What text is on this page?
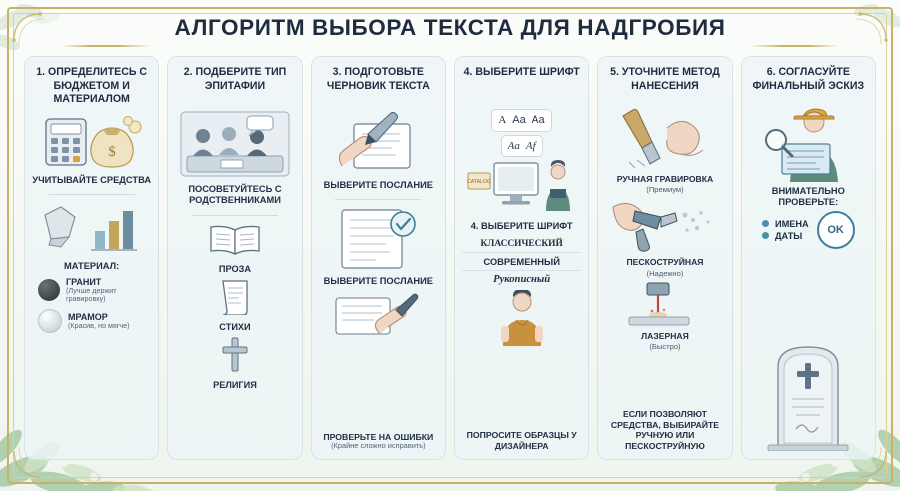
АЛГОРИТМ ВЫБОРА ТЕКСТА ДЛЯ НАДГРОБИЯ
1. ОПРЕДЕЛИТЕСЬ С БЮДЖЕТОМ И МАТЕРИАЛОМ
$
УЧИТЫВАЙТЕ СРЕДСТВА
МАТЕРИАЛ:
ГРАНИТ
(Лучше держит гравировку)
МРАМОР
(Красив, но мягче)
2. ПОДБЕРИТЕ ТИП ЭПИТАФИИ
ПОСОВЕТУЙТЕСЬ С РОДСТВЕННИКАМИ
ПРОЗА
СТИХИ
РЕЛИГИЯ
3. ПОДГОТОВЬТЕ ЧЕРНОВИК ТЕКСТА
ВЫВЕРИТЕ ПОСЛАНИЕ
ВЫВЕРИТЕ ПОСЛАНИЕ
ПРОВЕРЬТЕ НА ОШИБКИ
(Крайне сложно исправить)
4. ВЫБЕРИТЕ ШРИФТ
A Aa Aa
Aa Af
CATALOG
4. ВЫБЕРИТЕ ШРИФТ
КЛАССИЧЕСКИЙ
СОВРЕМЕННЫЙ
Рукописный
ПОПРОСИТЕ ОБРАЗЦЫ У ДИЗАЙНЕРА
5. УТОЧНИТЕ МЕТОД НАНЕСЕНИЯ
РУЧНАЯ ГРАВИРОВКА
(Премиум)
ПЕСКОСТРУЙНАЯ
(Надежно)
ЛАЗЕРНАЯ
(Быстро)
ЕСЛИ ПОЗВОЛЯЮТ СРЕДСТВА, ВЫБИРАЙТЕ РУЧНУЮ ИЛИ ПЕСКОСТРУЙНУЮ
6. СОГЛАСУЙТЕ ФИНАЛЬНЫЙ ЭСКИЗ
ВНИМАТЕЛЬНО ПРОВЕРЬТЕ:
ИМЕНА
ДАТЫ	OK
